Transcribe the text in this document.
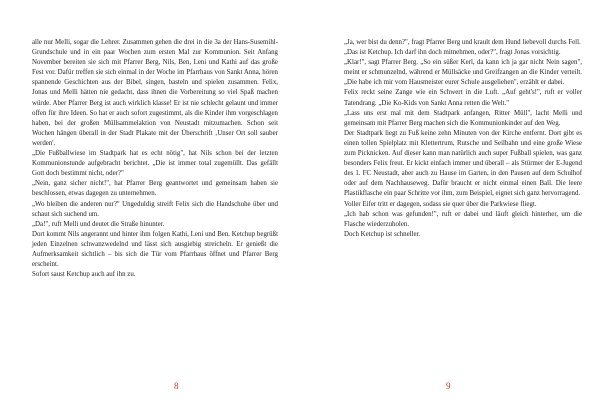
alle nur Melli, sogar die Lehrer. Zusammen gehen die drei in die 3a der Hans-Susemihl-Grundschule und in ein paar Wochen zum ersten Mal zur Kommunion. Seit Anfang November bereiten sie sich mit Pfarrer Berg, Nils, Ben, Leni und Kathi auf das große Fest vor. Dafür treffen sie sich einmal in der Woche im Pfarrhaus von Sankt Anna, hören spannende Geschichten aus der Bibel, singen, basteln und spielen zusammen. Felix, Jonas und Melli hätten nie gedacht, dass ihnen die Vorbereitung so viel Spaß machen würde. Aber Pfarrer Berg ist auch wirklich klasse! Er ist nie schlecht gelaunt und immer offen für ihre Ideen. So hat er auch sofort zugestimmt, als die Kinder ihm vorgeschlagen haben, bei der großen Müllsammelaktion von Neustadt mitzumachen. Schon seit Wochen hängen überall in der Stadt Plakate mit der Überschrift ‚Unser Ort soll sauber werden'.

„Die Fußballwiese im Stadtpark hat es echt nötig", hat Nils schon bei der letzten Kommunionstunde aufgebracht berichtet. „Die ist immer total zugemüllt. Das gefällt Gott doch bestimmt nicht, oder?"

„Nein, ganz sicher nicht!", hat Pfarrer Berg geantwortet und gemeinsam haben sie beschlossen, etwas dagegen zu unternehmen.

„Wo bleiben die anderen nur?" Ungeduldig streift Felix sich die Handschuhe über und schaut sich suchend um.

„Da!", ruft Melli und deutet die Straße hinunter.

Dort kommt Nils angerannt und hinter ihm folgen Kathi, Leni und Ben. Ketchup begrüßt jeden Einzelnen schwanzwedelnd und lässt sich ausgiebig streicheln. Er genießt die Aufmerksamkeit sichtlich – bis sich die Tür vom Pfarrhaus öffnet und Pfarrer Berg erscheint.

Sofort saust Ketchup auch auf ihn zu.

„Ja, wer bist du denn?", fragt Pfarrer Berg und krault dem Hund liebevoll durchs Fell.

„Das ist Ketchup. Ich darf ihn doch mitnehmen, oder?", fragt Jonas vorsichtig.

„Klar!", sagt Pfarrer Berg. „So ein süßer Kerl, da kann ich ja gar nicht Nein sagen", meint er schmunzelnd, während er Müllsäcke und Greifzangen an die Kinder verteilt. „Die habe ich mir vom Hausmeister eurer Schule ausgeliehen", erzählt er dabei.

Felix reckt seine Zange wie ein Schwert in die Luft. „Auf geht's!", ruft er voller Tatendrang. „Die Ko-Kids von Sankt Anna retten die Welt."

„Lass uns erst mal mit dem Stadtpark anfangen, Ritter Müll", lacht Melli und gemeinsam mit Pfarrer Berg machen sich die Kommunionkinder auf den Weg.

Der Stadtpark liegt zu Fuß keine zehn Minuten von der Kirche entfernt. Dort gibt es einen tollen Spielplatz mit Klettertrum, Rutsche und Seilbahn und eine große Wiese zum Picknicken. Auf dieser kann man natürlich auch super Fußball spielen, was ganz besonders Felix freut. Er kickt einfach immer und überall – als Stürmer der E-Jugend des 1. FC Neustadt, aber auch zu Hause im Garten, in den Pausen auf dem Schulhof oder auf dem Nachhauseweg. Dafür braucht er nicht einmal einen Ball. Die leere Plastikflasche ein paar Schritte vor ihm, zum Beispiel, eignet sich ganz hervorragend.

Voller Eifer tritt er dagegen, sodass sie quer über die Parkwiese fliegt.

„Ich hab schon was gefunden!", ruft er dabei und läuft gleich hinterher, um die Flasche wiederzuholen.

Doch Ketchup ist schneller.

8	9
